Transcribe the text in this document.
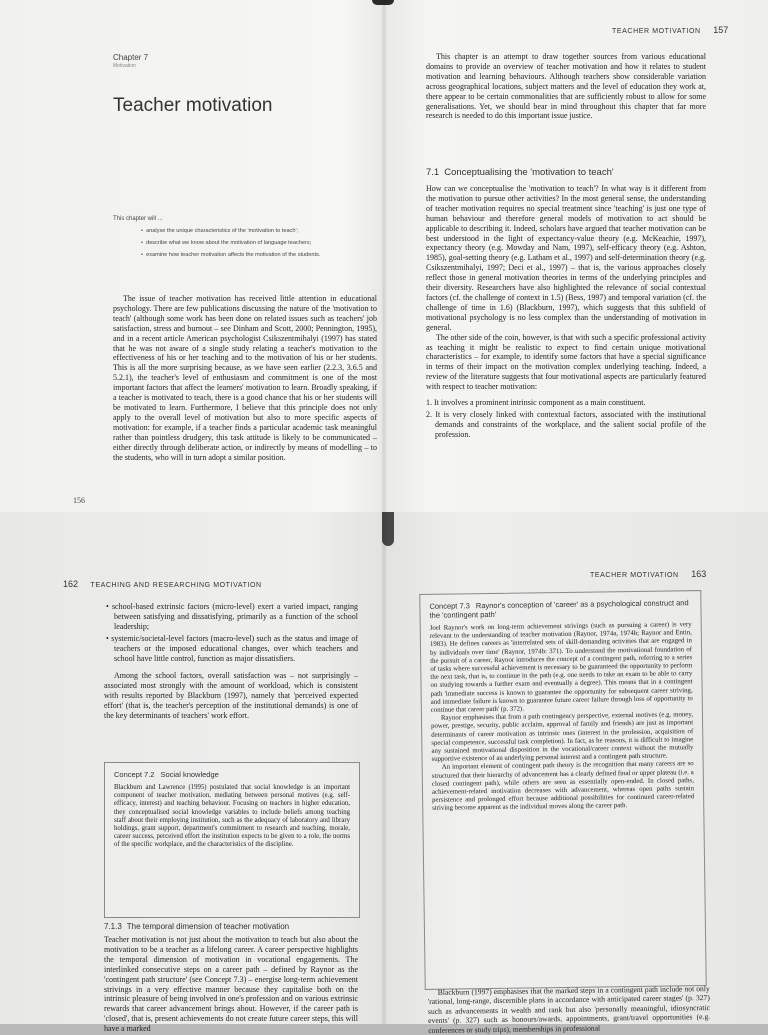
Chapter 7
Motivation
Teacher motivation
This chapter will ...
•  analyse the unique characteristics of the 'motivation to teach';
•  describe what we know about the motivation of language teachers;
•  examine how teacher motivation affects the motivation of the students.

The issue of teacher motivation has received little attention in educational psychology. There are few publications discussing the nature of the 'motivation to teach' (although some work has been done on related issues such as teachers' job satisfaction, stress and burnout – see Dinham and Scott, 2000; Pennington, 1995), and in a recent article American psychologist Csikszentmihalyi (1997) has stated that he was not aware of a single study relating a teacher's motivation to the effectiveness of his or her teaching and to the motivation of his or her students. This is all the more surprising because, as we have seen earlier (2.2.3, 3.6.5 and 5.2.1), the teacher's level of enthusiasm and commitment is one of the most important factors that affect the learners' motivation to learn. Broadly speaking, if a teacher is motivated to teach, there is a good chance that his or her students will be motivated to learn. Furthermore, I believe that this principle does not only apply to the overall level of motivation but also to more specific aspects of motivation: for example, if a teacher finds a particular academic task meaningful rather than pointless drudgery, this task attitude is likely to be communicated – either directly through deliberate action, or indirectly by means of modelling – to the students, who will in turn adopt a similar position.

156
TEACHER MOTIVATION 157

This chapter is an attempt to draw together sources from various educational domains to provide an overview of teacher motivation and how it relates to student motivation and learning behaviours. Although teachers show considerable variation across geographical locations, subject matters and the level of education they work at, there appear to be certain commonalities that are sufficiently robust to allow for some generalisations. Yet, we should bear in mind throughout this chapter that far more research is needed to do this important issue justice.

7.1 Conceptualising the 'motivation to teach'

How can we conceptualise the 'motivation to teach'? In what way is it different from the motivation to pursue other activities? In the most general sense, the understanding of teacher motivation requires no special treatment since 'teaching' is just one type of human behaviour and therefore general models of motivation to act should be applicable to describing it. Indeed, scholars have argued that teacher motivation can be best understood in the light of expectancy-value theory (e.g. McKeachie, 1997), expectancy theory (e.g. Mowday and Nam, 1997), self-efficacy theory (e.g. Ashton, 1985), goal-setting theory (e.g. Latham et al., 1997) and self-determination theory (e.g. Csikszentmihalyi, 1997; Deci et al., 1997) – that is, the various approaches closely reflect those in general motivation theories in terms of the underlying principles and their diversity. Researchers have also highlighted the relevance of social contextual factors (cf. the challenge of context in 1.5) (Bess, 1997) and temporal variation (cf. the challenge of time in 1.6) (Blackburn, 1997), which suggests that this subfield of motivational psychology is no less complex than the understanding of motivation in general.

The other side of the coin, however, is that with such a specific professional activity as teaching it might be realistic to expect to find certain unique motivational characteristics – for example, to identify some factors that have a special significance in terms of their impact on the motivation complex underlying teaching. Indeed, a review of the literature suggests that four motivational aspects are particularly featured with respect to teacher motivation:

1. It involves a prominent intrinsic component as a main constituent.
2. It is very closely linked with contextual factors, associated with the institutional demands and constraints of the workplace, and the salient social profile of the profession.
162 TEACHING AND RESEARCHING MOTIVATION
• school-based extrinsic factors (micro-level) exert a varied impact, ranging between satisfying and dissatisfying, primarily as a function of the school leadership;
• systemic/societal-level factors (macro-level) such as the status and image of teachers or the imposed educational changes, over which teachers and school have little control, function as major dissatisfiers.

Among the school factors, overall satisfaction was – not surprisingly – associated most strongly with the amount of workload, which is consistent with results reported by Blackburn (1997), namely that 'perceived expected effort' (that is, the teacher's perception of the institutional demands) is one of the key determinants of teachers' work effort.

Concept 7.2 Social knowledge

Blackburn and Lawrence (1995) postulated that social knowledge is an important component of teacher motivation, mediating between personal motives (e.g. self-efficacy, interest) and teaching behaviour. Focusing on teachers in higher education, they conceptualised social knowledge variables to include beliefs among teaching staff about their employing institution, such as the adequacy of laboratory and library holdings, grant support, department's commitment to research and teaching, morale, career success, perceived effort the institution expects to be given to a role, the norms of the specific workplace, and the characteristics of the discipline.

7.1.3 The temporal dimension of teacher motivation

Teacher motivation is not just about the motivation to teach but also about the motivation to be a teacher as a lifelong career. A career perspective highlights the temporal dimension of motivation in vocational engagements. The interlinked consecutive steps on a career path – defined by Raynor as the 'contingent path structure' (see Concept 7.3) – energise long-term achievement strivings in a very effective manner because they capitalise both on the intrinsic pleasure of being involved in one's profession and on various extrinsic rewards that career advancement brings about. However, if the career path is 'closed', that is, present achievements do not create future career steps, this will have a marked

TEACHER MOTIVATION 163
Concept 7.3 Raynor's conception of 'career' as a psychological construct and the 'contingent path'

Joel Raynor's work on long-term achievement strivings (such as pursuing a career) is very relevant to the understanding of teacher motivation (Raynor, 1974a, 1974b; Raynor and Entin, 1983). He defines careers as 'interrelated sets of skill-demanding activities that are engaged in by individuals over time' (Raynor, 1974b: 371). To understand the motivational foundation of the pursuit of a career, Raynor introduces the concept of a contingent path, referring to a series of tasks where successful achievement is necessary to be guaranteed the opportunity to perform the next task, that is, to continue in the path (e.g. one needs to take an exam to be able to carry on studying towards a further exam and eventually a degree). This means that in a contingent path 'immediate success is known to guarantee the opportunity for subsequent career striving, and immediate failure is known to guarantee future career failure through loss of opportunity to continue that career path' (p. 372).

Raynor emphasises that from a path contingency perspective, external motives (e.g. money, power, prestige, security, public acclaim, approval of family and friends) are just as important determinants of career motivation as intrinsic ones (interest in the profession, acquisition of special competence, successful task completion). In fact, as he reasons, it is difficult to imagine any sustained motivational disposition in the vocational/career context without the mutually supportive existence of an underlying personal interest and a contingent path structure.

An important element of contingent path theory is the recognition that many careers are so structured that their hierarchy of advancement has a clearly defined final or upper plateau (i.e. a closed contingent path), while others are seen as essentially open-ended. In closed paths, achievement-related motivation decreases with advancement, whereas open paths sustain persistence and prolonged effort because additional possibilities for continued career-related striving become apparent as the individual moves along the career path.

Blackburn (1997) emphasises that the marked steps in a contingent path include not only 'rational, long-range, discernible plans in accordance with anticipated career stages' (p. 327) such as advancements in wealth and rank but also 'personally meaningful, idiosyncratic events' (p. 327) such as honours/awards, appointments, grant/travel opportunities (e.g. conferences or study trips), memberships in professional
